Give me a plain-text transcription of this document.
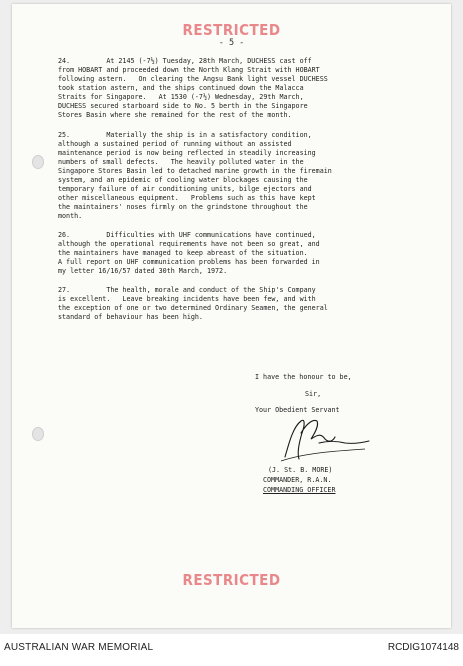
RESTRICTED
- 5 -
24.         At 2145 (-7½) Tuesday, 28th March, DUCHESS cast off
from HOBART and proceeded down the North Klang Strait with HOBART
following astern.   On clearing the Angsu Bank light vessel DUCHESS
took station astern, and the ships continued down the Malacca
Straits for Singapore.   At 1530 (-7½) Wednesday, 29th March,
DUCHESS secured starboard side to No. 5 berth in the Singapore
Stores Basin where she remained for the rest of the month.
25.         Materially the ship is in a satisfactory condition,
although a sustained period of running without an assisted
maintenance period is now being reflected in steadily increasing
numbers of small defects.   The heavily polluted water in the
Singapore Stores Basin led to detached marine growth in the firemain
system, and an epidemic of cooling water blockages causing the
temporary failure of air conditioning units, bilge ejectors and
other miscellaneous equipment.   Problems such as this have kept
the maintainers' noses firmly on the grindstone throughout the
month.
26.         Difficulties with UHF communications have continued,
although the operational requirements have not been so great, and
the maintainers have managed to keep abreast of the situation.
A full report on UHF communication problems has been forwarded in
my letter 16/16/57 dated 30th March, 1972.
27.         The health, morale and conduct of the Ship's Company
is excellent.   Leave breaking incidents have been few, and with
the exception of one or two determined Ordinary Seamen, the general
standard of behaviour has been high.
I have the honour to be,
Sir,
Your Obedient Servant
(J. St. B. MORE)
COMMANDER, R.A.N.
COMMANDING OFFICER
RESTRICTED
AUSTRALIAN WAR MEMORIAL	RCDIG1074148
